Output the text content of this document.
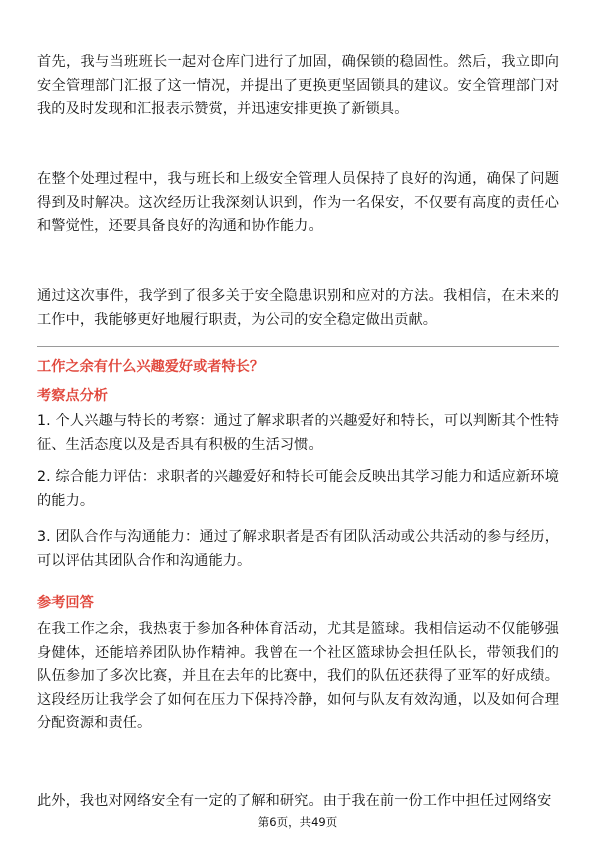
首先，我与当班班长一起对仓库门进行了加固，确保锁的稳固性。然后，我立即向安全管理部门汇报了这一情况，并提出了更换更坚固锁具的建议。安全管理部门对我的及时发现和汇报表示赞赏，并迅速安排更换了新锁具。

在整个处理过程中，我与班长和上级安全管理人员保持了良好的沟通，确保了问题得到及时解决。这次经历让我深刻认识到，作为一名保安，不仅要有高度的责任心和警觉性，还要具备良好的沟通和协作能力。

通过这次事件，我学到了很多关于安全隐患识别和应对的方法。我相信，在未来的工作中，我能够更好地履行职责，为公司的安全稳定做出贡献。

工作之余有什么兴趣爱好或者特长？
考察点分析

1. 个人兴趣与特长的考察：通过了解求职者的兴趣爱好和特长，可以判断其个性特征、生活态度以及是否具有积极的生活习惯。

2. 综合能力评估：求职者的兴趣爱好和特长可能会反映出其学习能力和适应新环境的能力。

3. 团队合作与沟通能力：通过了解求职者是否有团队活动或公共活动的参与经历，可以评估其团队合作和沟通能力。

参考回答

在我工作之余，我热衷于参加各种体育活动，尤其是篮球。我相信运动不仅能够强身健体，还能培养团队协作精神。我曾在一个社区篮球协会担任队长，带领我们的队伍参加了多次比赛，并且在去年的比赛中，我们的队伍还获得了亚军的好成绩。这段经历让我学会了如何在压力下保持冷静，如何与队友有效沟通，以及如何合理分配资源和责任。

此外，我也对网络安全有一定的了解和研究。由于我在前一份工作中担任过网络安

第6页，共49页
